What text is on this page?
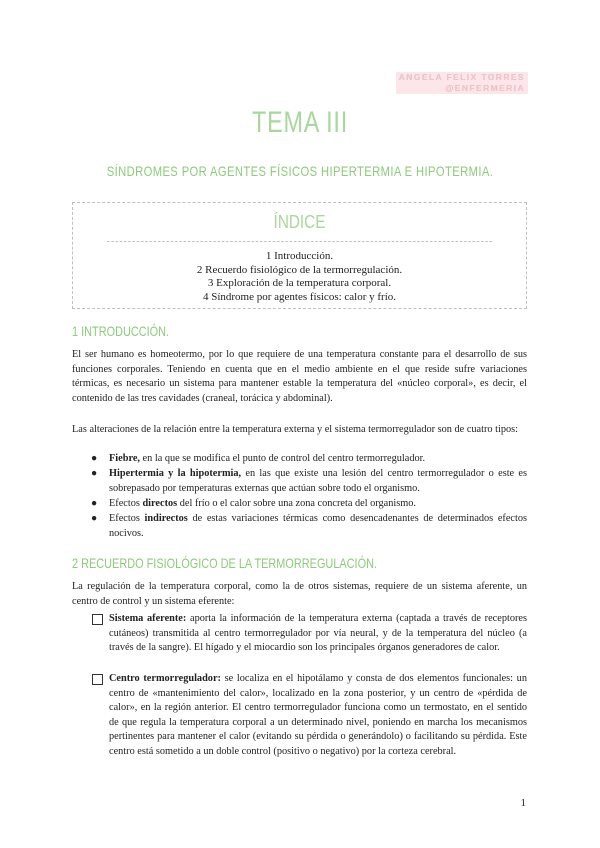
ANGELA FELIX TORRES
@ENFERMERIA
TEMA III
SÍNDROMES POR AGENTES FÍSICOS HIPERTERMIA E HIPOTERMIA.
ÍNDICE
1 Introducción.
2 Recuerdo fisiológico de la termorregulación.
3 Exploración de la temperatura corporal.
4 Síndrome por agentes físicos: calor y frío.
1 INTRODUCCIÓN.
El ser humano es homeotermo, por lo que requiere de una temperatura constante para el desarrollo de sus funciones corporales. Teniendo en cuenta que en el medio ambiente en el que reside sufre variaciones térmicas, es necesario un sistema para mantener estable la temperatura del «núcleo corporal», es decir, el contenido de las tres cavidades (craneal, torácica y abdominal).
Las alteraciones de la relación entre la temperatura externa y el sistema termorregulador son de cuatro tipos:
● Fiebre, en la que se modifica el punto de control del centro termorregulador.
● Hipertermia y la hipotermia, en las que existe una lesión del centro termorregulador o este es sobrepasado por temperaturas externas que actúan sobre todo el organismo.
● Efectos directos del frío o el calor sobre una zona concreta del organismo.
● Efectos indirectos de estas variaciones térmicas como desencadenantes de determinados efectos nocivos.
2 RECUERDO FISIOLÓGICO DE LA TERMORREGULACIÓN.
La regulación de la temperatura corporal, como la de otros sistemas, requiere de un sistema aferente, un centro de control y un sistema eferente:
Sistema aferente: aporta la información de la temperatura externa (captada a través de receptores cutáneos) transmitida al centro termorregulador por vía neural, y de la temperatura del núcleo (a través de la sangre). El hígado y el miocardio son los principales órganos generadores de calor.
Centro termorregulador: se localiza en el hipotálamo y consta de dos elementos funcionales: un centro de «mantenimiento del calor», localizado en la zona posterior, y un centro de «pérdida de calor», en la región anterior. El centro termorregulador funciona como un termostato, en el sentido de que regula la temperatura corporal a un determinado nivel, poniendo en marcha los mecanismos pertinentes para mantener el calor (evitando su pérdida o generándolo) o facilitando su pérdida. Este centro está sometido a un doble control (positivo o negativo) por la corteza cerebral.
1
